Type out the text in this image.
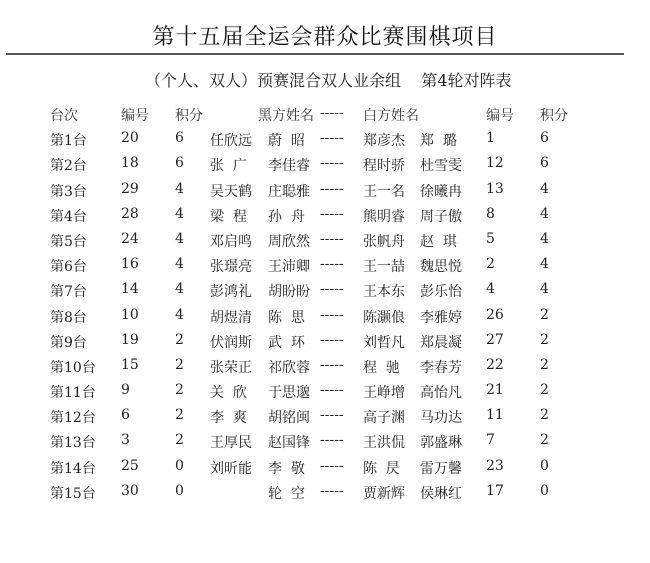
第十五届全运会群众比赛围棋项目
（个人、双人）预赛混合双人业余组    第4轮对阵表
台次	编号 积分	黑方姓名 ----- 白方姓名	编号 积分
第1台 20	6 任欣远 蔚  昭 ----- 郑彦杰 郑  璐 1	6
第2台 18	6 张  广 李佳睿 ----- 程时骄 杜雪雯 12	6
第3台 29	4 吴天鹤 庄聪雅 ----- 王一名 徐曦冉 13	4
第4台 28	4 梁  程 孙  舟 ----- 熊明睿 周子傲 8	4
第5台 24	4 邓启鸣 周欣然 ----- 张帆舟 赵  琪 5	4
第6台 16	4 张璟亮 王沛卿 ----- 王一喆 魏思悦 2	4
第7台 14	4 彭鸿礼 胡盼盼 ----- 王本东 彭乐怡 4	4
第8台 10	4 胡煜清 陈  思 ----- 陈灏俍 李雅婷 26	2
第9台 19	2 伏润斯 武  环 ----- 刘哲凡 郑晨凝 27	2
第10台 15	2 张荣正 祁欣蓉 ----- 程  驰 李春芳 22	2
第11台 9	2 关  欣 于思邈 ----- 王峥增 高怡凡 21	2
第12台 6	2 李  爽 胡铭闽 ----- 高子渊 马功达 11	2
第13台 3	2 王厚民 赵国锋 ----- 王洪侃 郭盛琳 7	2
第14台 25	0 刘昕能 李  敬 ----- 陈  昃 雷万馨 23	0
第15台 30	0	轮  空 ----- 贾新辉 侯琳红 17	0
